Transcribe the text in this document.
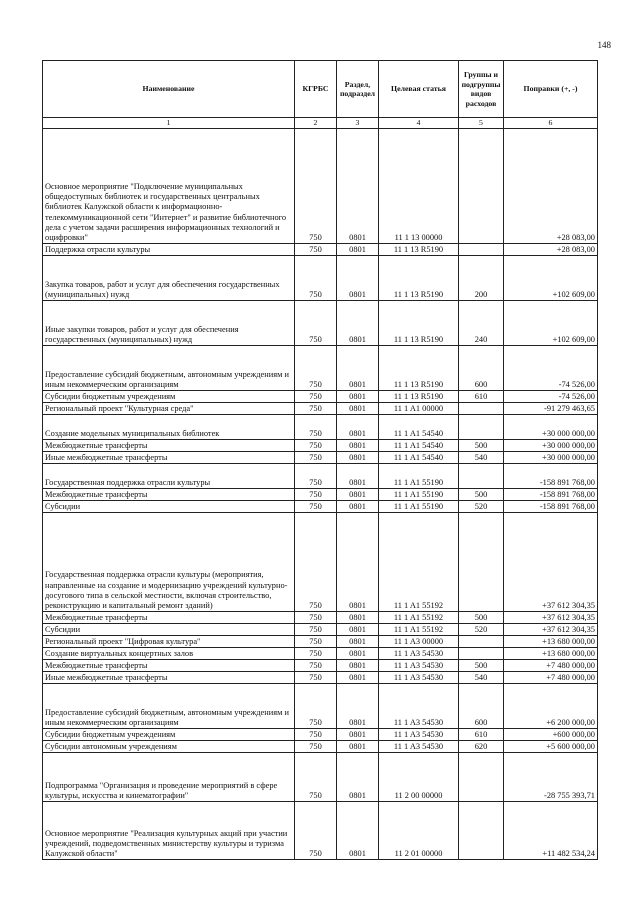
148
Наименование	КГРБС	Раздел, подраздел	Целевая статья	Группы и подгруппы видов расходов	Поправки (+, -)
1	2	3	4	5	6
Основное мероприятие "Подключение муниципальных общедоступных библиотек и государственных центральных библиотек Калужской области к информационно-телекоммуникационной сети "Интернет" и развитие библиотечного дела с учетом задачи расширения информационных технологий и оцифровки"	750	0801	11 1 13 00000		+28 083,00
Поддержка отрасли культуры	750	0801	11 1 13 R5190		+28 083,00
Закупка товаров, работ и услуг для обеспечения государственных (муниципальных) нужд	750	0801	11 1 13 R5190	200	+102 609,00
Иные закупки товаров, работ и услуг для обеспечения государственных (муниципальных) нужд	750	0801	11 1 13 R5190	240	+102 609,00
Предоставление субсидий бюджетным, автономным учреждениям и иным некоммерческим организациям	750	0801	11 1 13 R5190	600	-74 526,00
Субсидии бюджетным учреждениям	750	0801	11 1 13 R5190	610	-74 526,00
Региональный проект "Культурная среда"	750	0801	11 1 A1 00000		-91 279 463,65
Создание модельных муниципальных библиотек	750	0801	11 1 A1 54540		+30 000 000,00
Межбюджетные трансферты	750	0801	11 1 A1 54540	500	+30 000 000,00
Иные межбюджетные трансферты	750	0801	11 1 A1 54540	540	+30 000 000,00
Государственная поддержка отрасли культуры	750	0801	11 1 A1 55190		-158 891 768,00
Межбюджетные трансферты	750	0801	11 1 A1 55190	500	-158 891 768,00
Субсидии	750	0801	11 1 A1 55190	520	-158 891 768,00
Государственная поддержка отрасли культуры (мероприятия, направленные на создание и модернизацию учреждений культурно-досугового типа в сельской местности, включая строительство, реконструкцию и капитальный ремонт зданий)	750	0801	11 1 A1 55192		+37 612 304,35
Межбюджетные трансферты	750	0801	11 1 A1 55192	500	+37 612 304,35
Субсидии	750	0801	11 1 A1 55192	520	+37 612 304,35
Региональный проект "Цифровая культура"	750	0801	11 1 A3 00000		+13 680 000,00
Создание виртуальных концертных залов	750	0801	11 1 A3 54530		+13 680 000,00
Межбюджетные трансферты	750	0801	11 1 A3 54530	500	+7 480 000,00
Иные межбюджетные трансферты	750	0801	11 1 A3 54530	540	+7 480 000,00
Предоставление субсидий бюджетным, автономным учреждениям и иным некоммерческим организациям	750	0801	11 1 A3 54530	600	+6 200 000,00
Субсидии бюджетным учреждениям	750	0801	11 1 A3 54530	610	+600 000,00
Субсидии автономным учреждениям	750	0801	11 1 A3 54530	620	+5 600 000,00
Подпрограмма "Организация и проведение мероприятий в сфере культуры, искусства и кинематографии"	750	0801	11 2 00 00000		-28 755 393,71
Основное мероприятие "Реализация культурных акций при участии учреждений, подведомственных министерству культуры и туризма Калужской области"	750	0801	11 2 01 00000		+11 482 534,24
